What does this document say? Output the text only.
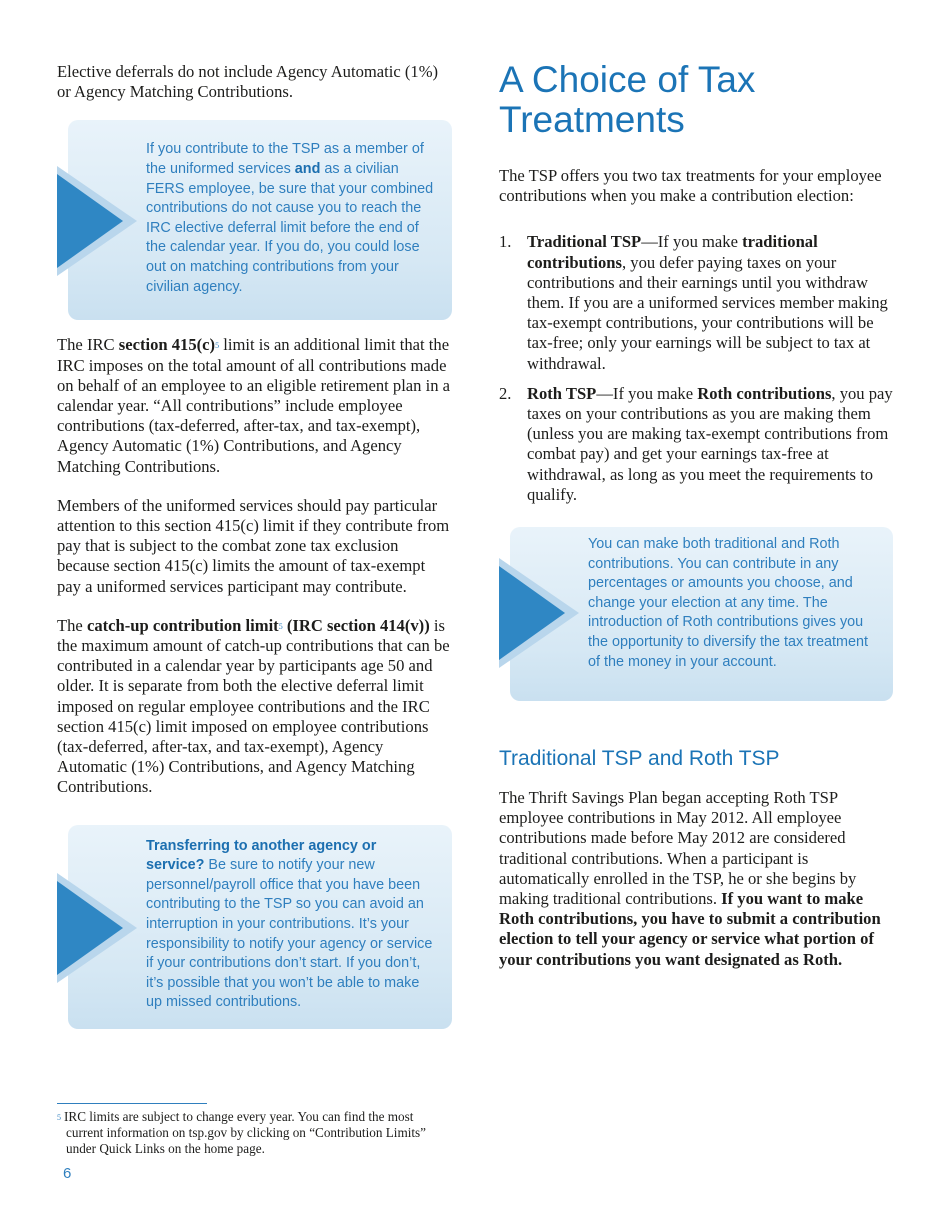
Elective deferrals do not include Agency Automatic (1%) or Agency Matching Contributions.

If you contribute to the TSP as a member of the uniformed services and as a civilian FERS employee, be sure that your combined contributions do not cause you to reach the IRC elective deferral limit before the end of the calendar year. If you do, you could lose out on matching contributions from your civilian agency.

The IRC section 415(c)$^5$ limit is an additional limit that the IRC imposes on the total amount of all contributions made on behalf of an employee to an eligible retirement plan in a calendar year. “All contributions” include employee contributions (tax-deferred, after-tax, and tax-exempt), Agency Automatic (1%) Contributions, and Agency Matching Contributions.

Members of the uniformed services should pay particular attention to this section 415(c) limit if they contribute from pay that is subject to the combat zone tax exclusion because section 415(c) limits the amount of tax-exempt pay a uniformed services participant may contribute.

The catch-up contribution limit$^5$ (IRC section 414(v)) is the maximum amount of catch-up contributions that can be contributed in a calendar year by participants age 50 and older. It is separate from both the elective deferral limit imposed on regular employee contributions and the IRC section 415(c) limit imposed on employee contributions (tax-deferred, after-tax, and tax-exempt), Agency Automatic (1%) Contributions, and Agency Matching Contributions.

Transferring to another agency or service? Be sure to notify your new personnel/payroll office that you have been contributing to the TSP so you can avoid an interruption in your contributions. It’s your responsibility to notify your agency or service if your contributions don’t start. If you don’t, it’s possible that you won’t be able to make up missed contributions.
$^5$ IRC limits are subject to change every year. You can find the most current information on tsp.gov by clicking on “Contribution Limits” under Quick Links on the home page.
6
A Choice of Tax Treatments

The TSP offers you two tax treatments for your employee contributions when you make a contribution election:

1. Traditional TSP—If you make traditional contributions, you defer paying taxes on your contributions and their earnings until you withdraw them. If you are a uniformed services member making tax-exempt contributions, your contributions will be tax-free; only your earnings will be subject to tax at withdrawal.
2. Roth TSP—If you make Roth contributions, you pay taxes on your contributions as you are making them (unless you are making tax-exempt contributions from combat pay) and get your earnings tax-free at withdrawal, as long as you meet the requirements to qualify.
You can make both traditional and Roth contributions. You can contribute in any percentages or amounts you choose, and change your election at any time. The introduction of Roth contributions gives you the opportunity to diversify the tax treatment of the money in your account.
Traditional TSP and Roth TSP

The Thrift Savings Plan began accepting Roth TSP employee contributions in May 2012. All employee contributions made before May 2012 are considered traditional contributions. When a participant is automatically enrolled in the TSP, he or she begins by making traditional contributions. If you want to make Roth contributions, you have to submit a contribution election to tell your agency or service what portion of your contributions you want designated as Roth.
